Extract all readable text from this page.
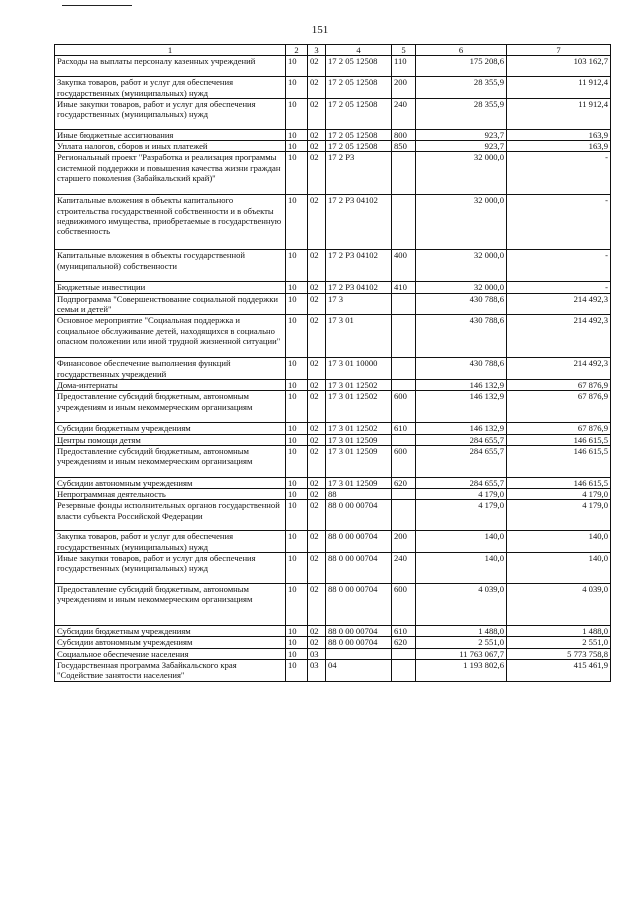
151
1	2	3	4	5	6	7
Расходы на выплаты персоналу казенных учреждений	10	02	17 2 05 12508	110	175 208,6	103 162,7
Закупка товаров, работ и услуг для обеспечения государственных (муниципальных) нужд	10	02	17 2 05 12508	200	28 355,9	11 912,4
Иные закупки товаров, работ и услуг для обеспечения государственных (муниципальных) нужд	10	02	17 2 05 12508	240	28 355,9	11 912,4
Иные бюджетные ассигнования	10	02	17 2 05 12508	800	923,7	163,9
Уплата налогов, сборов и иных платежей	10	02	17 2 05 12508	850	923,7	163,9
Региональный проект "Разработка и реализация программы системной поддержки и повышения качества жизни граждан старшего поколения (Забайкальский край)"	10	02	17 2 P3		32 000,0	-
Капитальные вложения в объекты капитального строительства государственной собственности и в объекты недвижимого имущества, приобретаемые в государственную собственность	10	02	17 2 P3 04102		32 000,0	-
Капитальные вложения в объекты государственной (муниципальной) собственности	10	02	17 2 P3 04102	400	32 000,0	-
Бюджетные инвестиции	10	02	17 2 P3 04102	410	32 000,0	-
Подпрограмма "Совершенствование социальной поддержки семьи и детей"	10	02	17 3		430 788,6	214 492,3
Основное мероприятие "Социальная поддержка и социальное обслуживание детей, находящихся в социально опасном положении или иной трудной жизненной ситуации"	10	02	17 3 01		430 788,6	214 492,3
Финансовое обеспечение выполнения функций государственных учреждений	10	02	17 3 01 10000		430 788,6	214 492,3
Дома-интернаты	10	02	17 3 01 12502		146 132,9	67 876,9
Предоставление субсидий бюджетным, автономным учреждениям и иным некоммерческим организациям	10	02	17 3 01 12502	600	146 132,9	67 876,9
Субсидии бюджетным учреждениям	10	02	17 3 01 12502	610	146 132,9	67 876,9
Центры помощи детям	10	02	17 3 01 12509		284 655,7	146 615,5
Предоставление субсидий бюджетным, автономным учреждениям и иным некоммерческим организациям	10	02	17 3 01 12509	600	284 655,7	146 615,5
Субсидии автономным учреждениям	10	02	17 3 01 12509	620	284 655,7	146 615,5
Непрограммная деятельность	10	02	88		4 179,0	4 179,0
Резервные фонды исполнительных органов государственной власти субъекта Российской Федерации	10	02	88 0 00 00704		4 179,0	4 179,0
Закупка товаров, работ и услуг для обеспечения государственных (муниципальных) нужд	10	02	88 0 00 00704	200	140,0	140,0
Иные закупки товаров, работ и услуг для обеспечения государственных (муниципальных) нужд	10	02	88 0 00 00704	240	140,0	140,0
Предоставление субсидий бюджетным, автономным учреждениям и иным некоммерческим организациям	10	02	88 0 00 00704	600	4 039,0	4 039,0
Субсидии бюджетным учреждениям	10	02	88 0 00 00704	610	1 488,0	1 488,0
Субсидии автономным учреждениям	10	02	88 0 00 00704	620	2 551,0	2 551,0
Социальное обеспечение населения	10	03			11 763 067,7	5 773 758,8
Государственная программа Забайкальского края "Содействие занятости населения"	10	03	04		1 193 802,6	415 461,9
